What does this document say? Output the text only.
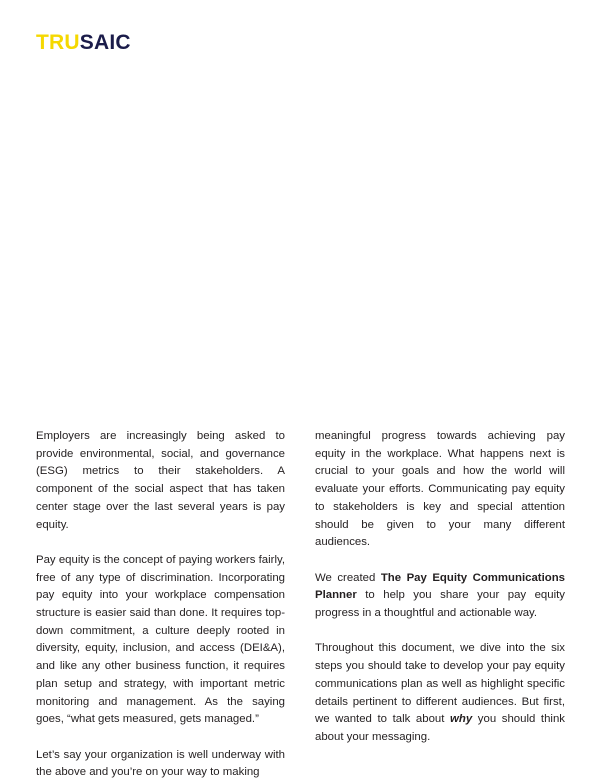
TRUSAIC

Employers are increasingly being asked to provide environmental, social, and governance (ESG) metrics to their stakeholders. A component of the social aspect that has taken center stage over the last several years is pay equity.

Pay equity is the concept of paying workers fairly, free of any type of discrimination. Incorporating pay equity into your workplace compensation structure is easier said than done. It requires top-down commitment, a culture deeply rooted in diversity, equity, inclusion, and access (DEI&A), and like any other business function, it requires plan setup and strategy, with important metric monitoring and management. As the saying goes, “what gets measured, gets managed.”

Let’s say your organization is well underway with the above and you’re on your way to making

meaningful progress towards achieving pay equity in the workplace. What happens next is crucial to your goals and how the world will evaluate your efforts. Communicating pay equity to stakeholders is key and special attention should be given to your many different audiences.

We created The Pay Equity Communications Planner to help you share your pay equity progress in a thoughtful and actionable way.

Throughout this document, we dive into the six steps you should take to develop your pay equity communications plan as well as highlight specific details pertinent to different audiences. But first, we wanted to talk about why you should think about your messaging.
